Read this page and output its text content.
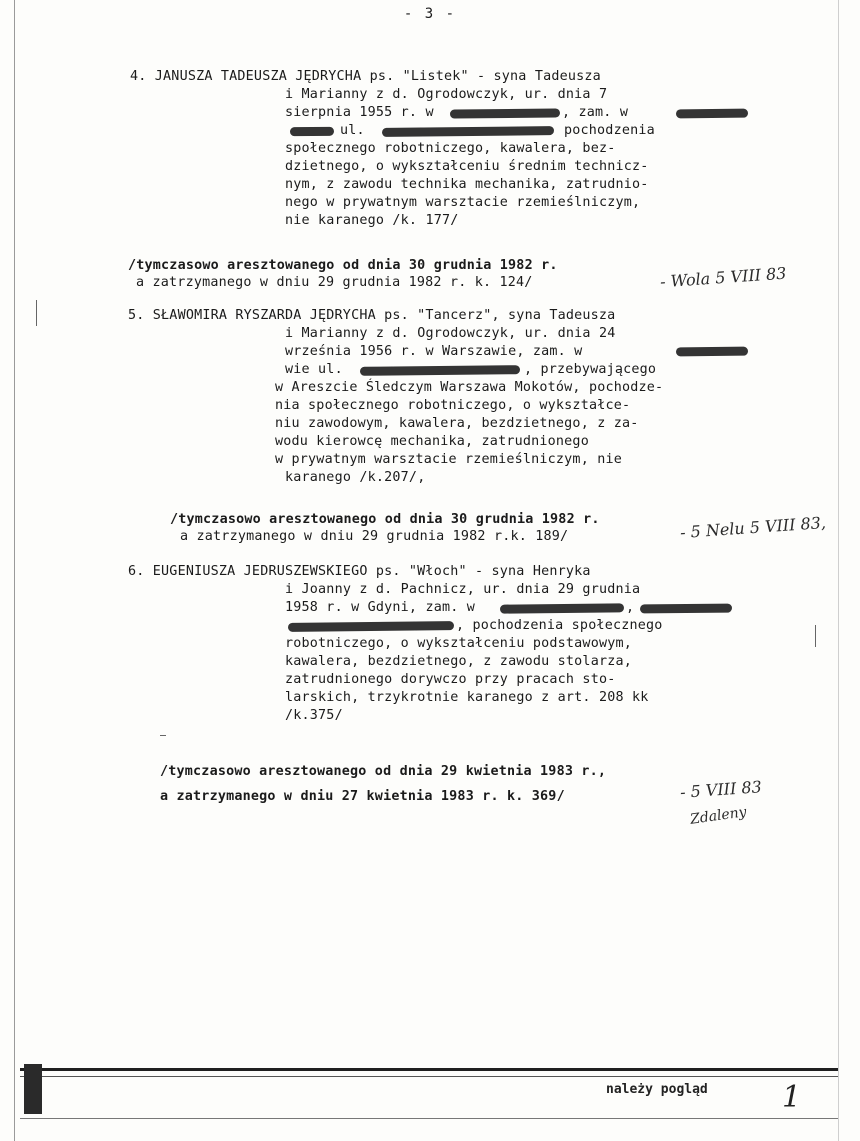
- 3 -
4. JANUSZA TADEUSZA JĘDRYCHA ps. "Listek" - syna Tadeusza
i Marianny z d. Ogrodowczyk, ur. dnia 7
sierpnia 1955 r. w	, zam. w
ul.	pochodzenia
społecznego robotniczego, kawalera, bez-
dzietnego, o wykształceniu średnim technicz-
nym, z zawodu technika mechanika, zatrudnio-
nego w prywatnym warsztacie rzemieślniczym,
nie karanego /k. 177/
/tymczasowo aresztowanego od dnia 30 grudnia 1982 r.
a zatrzymanego w dniu 29 grudnia 1982 r. k. 124/	- Wola 5 VIII 83
5. SŁAWOMIRA RYSZARDA JĘDRYCHA ps. "Tancerz", syna Tadeusza
i Marianny z d. Ogrodowczyk, ur. dnia 24
września 1956 r. w Warszawie, zam. w
wie ul.	, przebywającego
w Areszcie Śledczym Warszawa Mokotów, pochodze-
nia społecznego robotniczego, o wykształce-
niu zawodowym, kawalera, bezdzietnego, z za-
wodu kierowcę mechanika, zatrudnionego
w prywatnym warsztacie rzemieślniczym, nie
karanego /k.207/,
/tymczasowo aresztowanego od dnia 30 grudnia 1982 r.
a zatrzymanego w dniu 29 grudnia 1982 r.k. 189/	- 5 Nelu 5 VIII 83,
6. EUGENIUSZA JEDRUSZEWSKIEGO ps. "Włoch" - syna Henryka
i Joanny z d. Pachnicz, ur. dnia 29 grudnia
1958 r. w Gdyni, zam. w	,
, pochodzenia społecznego
robotniczego, o wykształceniu podstawowym,
kawalera, bezdzietnego, z zawodu stolarza,
zatrudnionego dorywczo przy pracach sto-
larskich, trzykrotnie karanego z art. 208 kk
/k.375/
/tymczasowo aresztowanego od dnia 29 kwietnia 1983 r.,
a zatrzymanego w dniu 27 kwietnia 1983 r. k. 369/	- 5 VIII 83
Zdaleny
należy pogląd 1
